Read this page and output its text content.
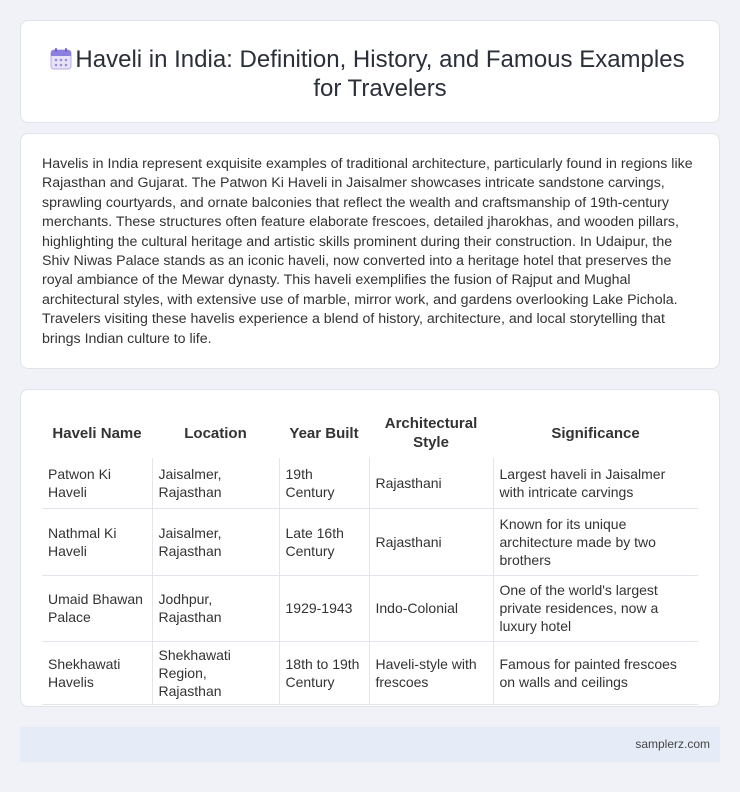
Haveli in India: Definition, History, and Famous Examples for Travelers

Havelis in India represent exquisite examples of traditional architecture, particularly found in regions like Rajasthan and Gujarat. The Patwon Ki Haveli in Jaisalmer showcases intricate sandstone carvings, sprawling courtyards, and ornate balconies that reflect the wealth and craftsmanship of 19th-century merchants. These structures often feature elaborate frescoes, detailed jharokhas, and wooden pillars, highlighting the cultural heritage and artistic skills prominent during their construction. In Udaipur, the Shiv Niwas Palace stands as an iconic haveli, now converted into a heritage hotel that preserves the royal ambiance of the Mewar dynasty. This haveli exemplifies the fusion of Rajput and Mughal architectural styles, with extensive use of marble, mirror work, and gardens overlooking Lake Pichola. Travelers visiting these havelis experience a blend of history, architecture, and local storytelling that brings Indian culture to life.

Haveli Name	Location	Year Built	Architectural Style	Significance
Patwon Ki Haveli	Jaisalmer, Rajasthan	19th Century	Rajasthani	Largest haveli in Jaisalmer with intricate carvings
Nathmal Ki Haveli	Jaisalmer, Rajasthan	Late 16th Century	Rajasthani	Known for its unique architecture made by two brothers
Umaid Bhawan Palace	Jodhpur, Rajasthan	1929-1943	Indo-Colonial	One of the world's largest private residences, now a luxury hotel
Shekhawati Havelis	Shekhawati Region, Rajasthan	18th to 19th Century	Haveli-style with frescoes	Famous for painted frescoes on walls and ceilings
samplerz.com
